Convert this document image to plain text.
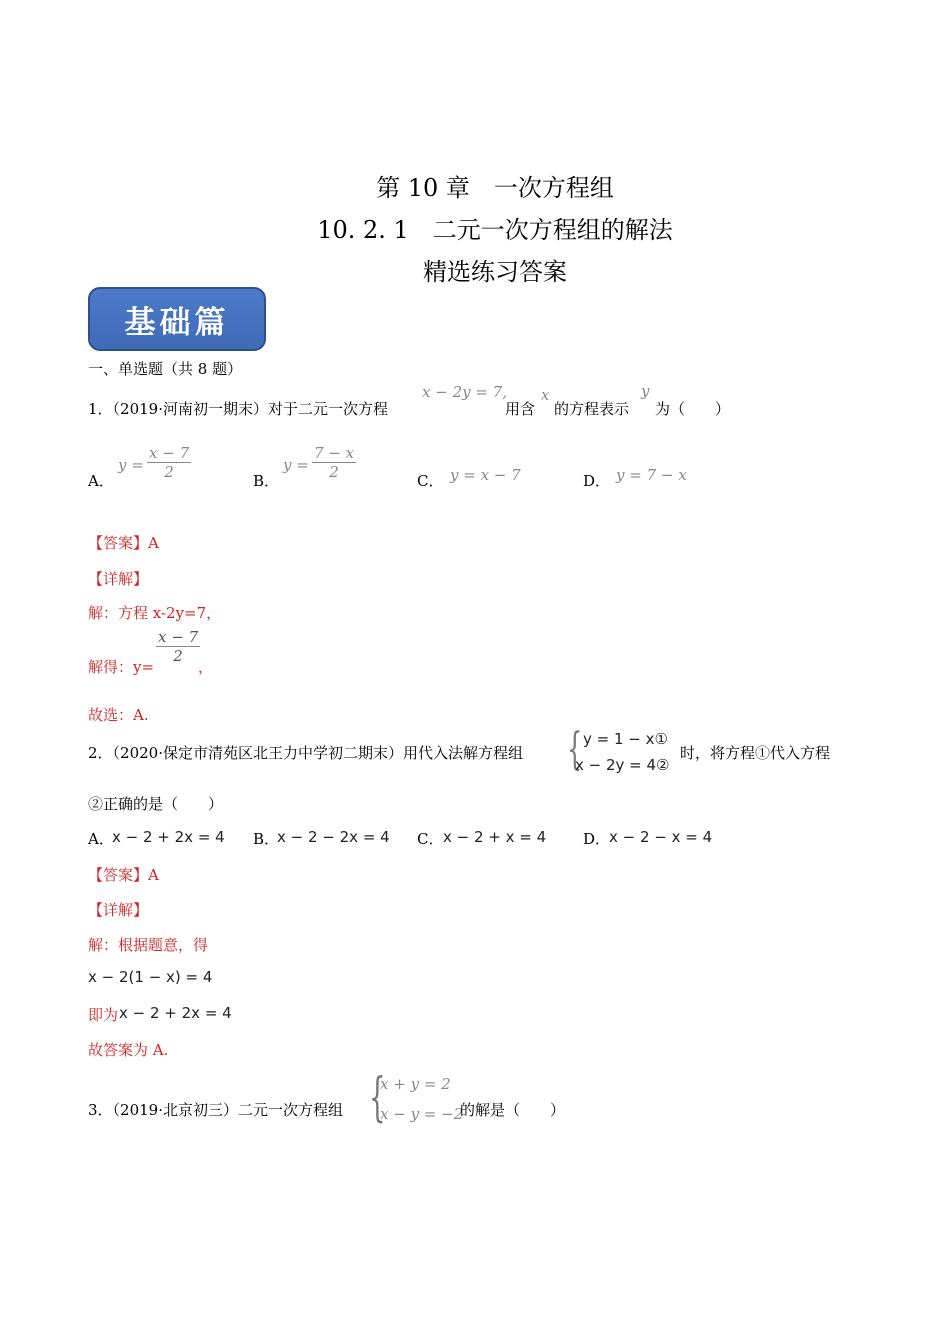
第 10 章　一次方程组
10. 2. 1　二元一次方程组的解法
精选练习答案
基础篇
一、单选题（共 8 题）
1．（2019·河南初一期末）对于二元一次方程
x − 2y = 7,
用含
x
的方程表示
y
为（　　）
A．
$y = \frac{x - 7}{2}$	B．
$y = \frac{7 - x}{2}$	C． y = x − 7	D． y = 7 − x
【答案】A
【详解】
解：方程 x-2y=7，
解得：y=
$\frac{x - 7}{2}$
，
故选：A.
2．（2020·保定市清苑区北王力中学初二期末）用代入法解方程组 { y = 1 − x①
x − 2y = 4②
时，将方程①代入方程
②正确的是（　　）
A．
x − 2 + 2x = 4 B．
x − 2 − 2x = 4 C． x − 2 + x = 4 D．
x − 2 − x = 4
【答案】A
【详解】
解：根据题意，得
x − 2(1 − x) = 4
即为 x − 2 + 2x = 4
故答案为 A.
3．（2019·北京初三）二元一次方程组 {
x + y = 2
x − y = −2
的解是（　　）
